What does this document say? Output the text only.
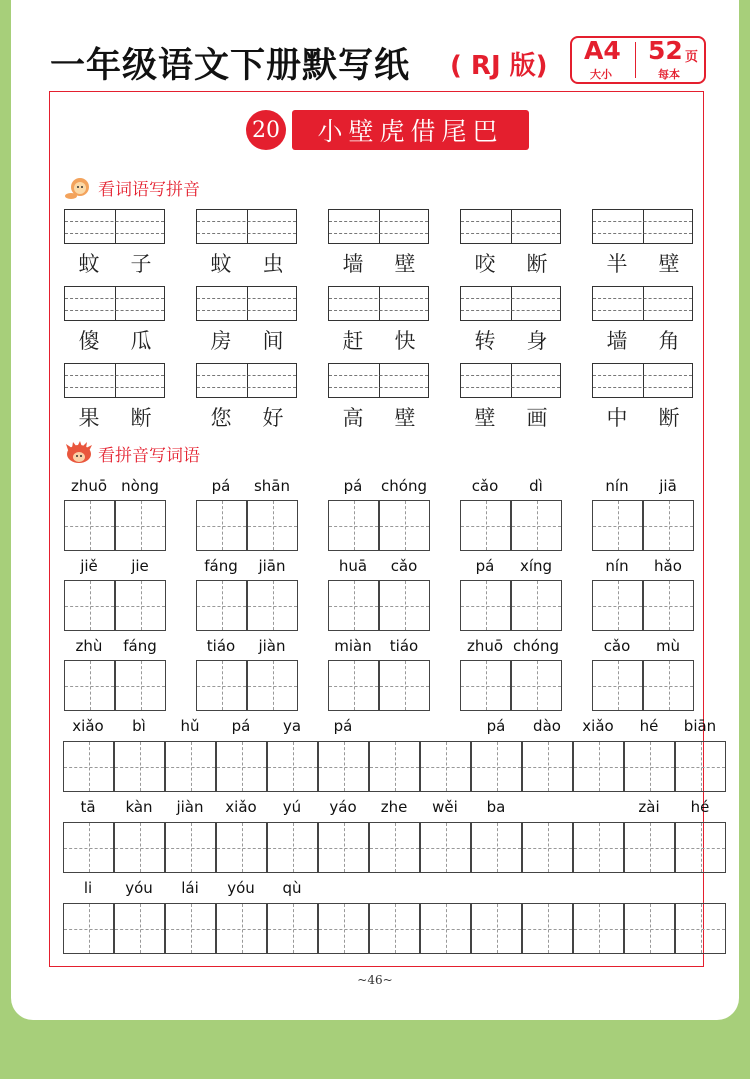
一年级语文下册默写纸 ( RJ 版)
A4
大小
52 页
每本
20	小壁虎借尾巴
看词语写拼音
看拼音写词语
蚊	子	蚊	虫	墙	壁	咬	断	半	壁
傻	瓜	房	间	赶	快	转	身	墙	角
果	断	您	好	高	壁	壁	画	中	断
zhuō nòng	pá shān	pá chóng	cǎo dì	nín jiā
jiě jie	fáng jiān	huā cǎo	pá xíng	nín hǎo
zhù fáng	tiáo jiàn	miàn tiáo	zhuō chóng	cǎo mù
xiǎo bì hǔ pá ya pá	pá dào xiǎo hé biān
tā kàn jiàn xiǎo yú yáo zhe wěi ba	zài hé
li yóu lái yóu qù
~46~
